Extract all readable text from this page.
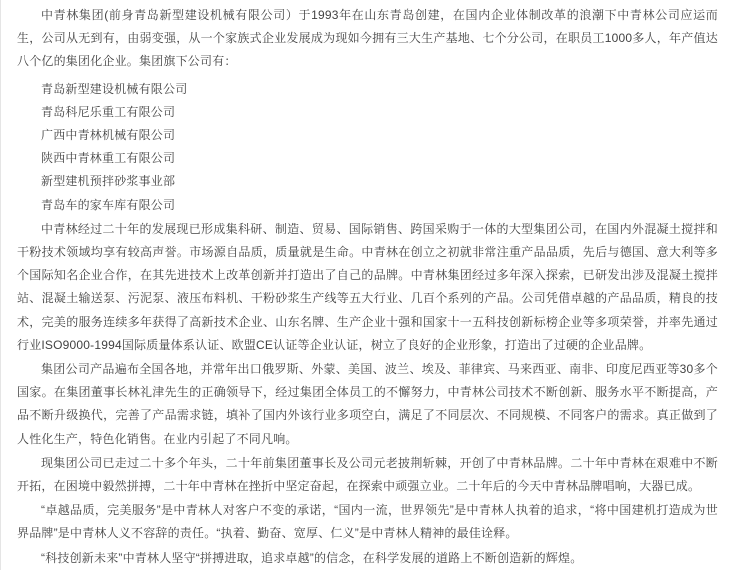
中青林集团(前身青岛新型建设机械有限公司）于1993年在山东青岛创建，在国内企业体制改革的浪潮下中青林公司应运而生，公司从无到有，由弱变强，从一个家族式企业发展成为现如今拥有三大生产基地、七个分公司，在职员工1000多人，年产值达八个亿的集团化企业。集团旗下公司有：

青岛新型建设机械有限公司

青岛科尼乐重工有限公司

广西中青林机械有限公司

陕西中青林重工有限公司

新型建机预拌砂浆事业部

青岛车的家车库有限公司

中青林经过二十年的发展现已形成集科研、制造、贸易、国际销售、跨国采购于一体的大型集团公司，在国内外混凝土搅拌和干粉技术领域均享有较高声誉。市场源自品质，质量就是生命。中青林在创立之初就非常注重产品品质，先后与德国、意大利等多个国际知名企业合作，在其先进技术上改革创新并打造出了自己的品牌。中青林集团经过多年深入探索，已研发出涉及混凝土搅拌站、混凝土输送泵、污泥泵、液压布料机、干粉砂浆生产线等五大行业、几百个系列的产品。公司凭借卓越的产品品质，精良的技术，完美的服务连续多年获得了高新技术企业、山东名牌、生产企业十强和国家十一五科技创新标榜企业等多项荣誉，并率先通过行业ISO9000-1994国际质量体系认证、欧盟CE认证等企业认证，树立了良好的企业形象，打造出了过硬的企业品牌。

集团公司产品遍布全国各地，并常年出口俄罗斯、外蒙、美国、波兰、埃及、菲律宾、马来西亚、南非、印度尼西亚等30多个国家。在集团董事长林礼津先生的正确领导下，经过集团全体员工的不懈努力，中青林公司技术不断创新、服务水平不断提高，产品不断升级换代，完善了产品需求链，填补了国内外该行业多项空白，满足了不同层次、不同规模、不同客户的需求。真正做到了人性化生产，特色化销售。在业内引起了不同凡响。

现集团公司已走过二十多个年头，二十年前集团董事长及公司元老披荆斩棘，开创了中青林品牌。二十年中青林在艰难中不断开拓，在困境中毅然拼搏，二十年中青林在挫折中坚定奋起，在探索中顽强立业。二十年后的今天中青林品牌唱响，大器已成。

“卓越品质，完美服务”是中青林人对客户不变的承诺，“国内一流，世界领先”是中青林人执着的追求，“将中国建机打造成为世界品牌”是中青林人义不容辞的责任。“执着、勤奋、宽厚、仁义”是中青林人精神的最佳诠释。

“科技创新未来”中青林人坚守“拼搏进取，追求卓越”的信念，在科学发展的道路上不断创造新的辉煌。
